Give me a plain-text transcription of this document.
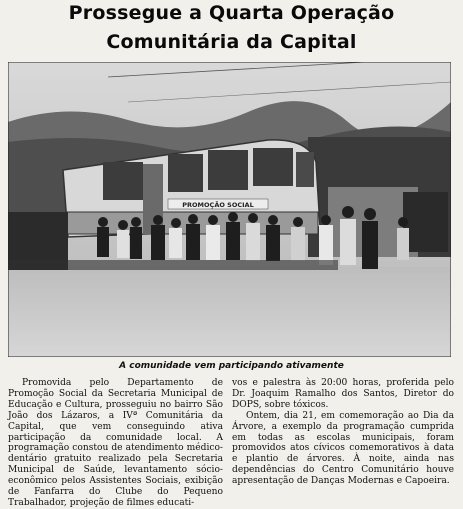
Prossegue a Quarta Operação
Comunitária da Capital
PROMOÇÃO SOCIAL
A comunidade vem participando ativamente
Promovida pelo Departamento de Promoção Social da Secretaria Municipal de Educação e Cultura, prosseguiu no bairro São João dos Lázaros, a IVª Comunitária da Capital, que vem conseguindo ativa participação da comunidade local. A programação constou de atendimento médico-dentário gratuito realizado pela Secretaria Municipal de Saúde, levantamento sócio-econômico pelos Assistentes Sociais, exibição de Fanfarra do Clube do Pequeno Trabalhador, projeção de filmes educati-

vos e palestra às 20:00 horas, proferida pelo Dr. Joaquim Ramalho dos Santos, Diretor do DOPS, sobre tóxicos.

Ontem, dia 21, em comemoração ao Dia da Árvore, a exemplo da programação cumprida em todas as escolas municipais, foram promovidos atos cívicos comemorativos à data e plantio de árvores. À noite, ainda nas dependências do Centro Comunitário houve apresentação de Danças Modernas e Capoeira.
